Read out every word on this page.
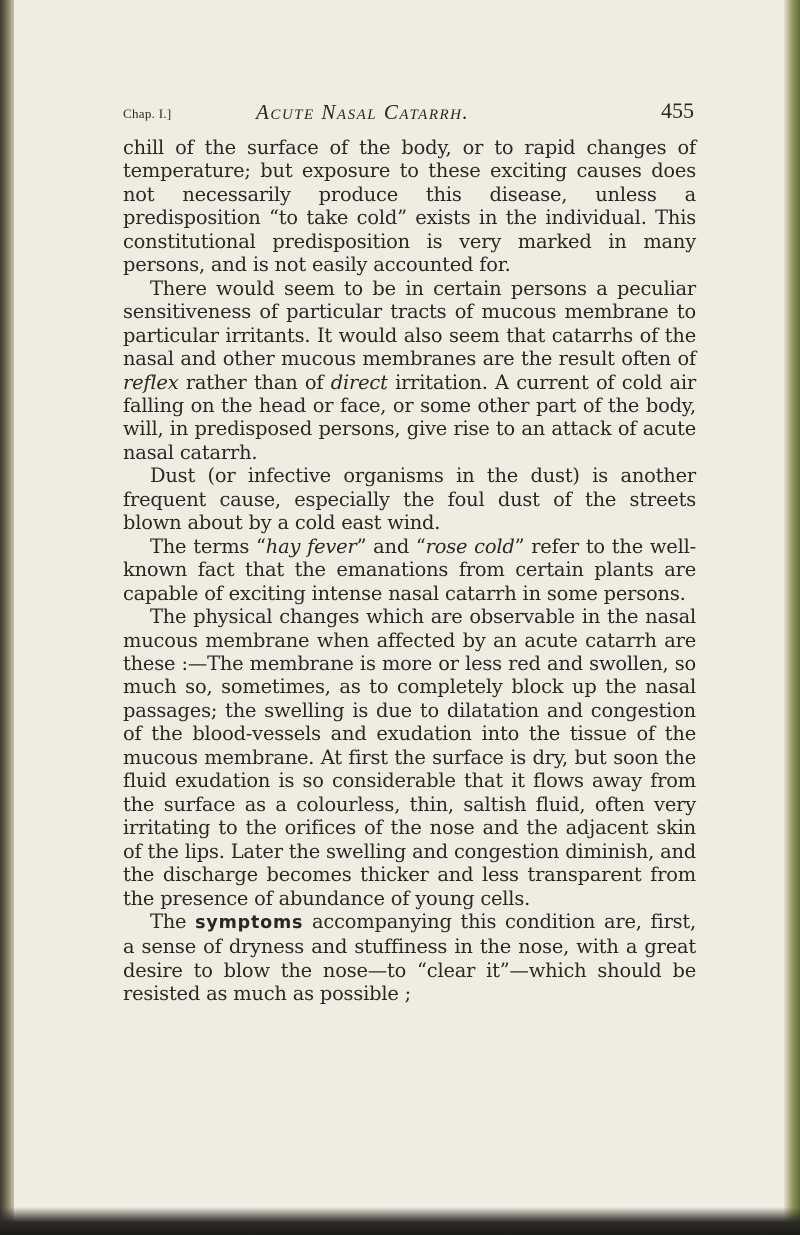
Chap. I.]	Acute Nasal Catarrh.	455

chill of the surface of the body, or to rapid changes of temperature; but exposure to these exciting causes does not necessarily produce this disease, unless a predisposition “to take cold” exists in the individual. This constitutional predisposition is very marked in many persons, and is not easily accounted for.

There would seem to be in certain persons a peculiar sensitiveness of particular tracts of mucous membrane to particular irritants. It would also seem that catarrhs of the nasal and other mucous membranes are the result often of reflex rather than of direct irritation. A current of cold air falling on the head or face, or some other part of the body, will, in predisposed persons, give rise to an attack of acute nasal catarrh.

Dust (or infective organisms in the dust) is another frequent cause, especially the foul dust of the streets blown about by a cold east wind.

The terms “hay fever” and “rose cold” refer to the well-known fact that the emanations from certain plants are capable of exciting intense nasal catarrh in some persons.

The physical changes which are observable in the nasal mucous membrane when affected by an acute catarrh are these :—The membrane is more or less red and swollen, so much so, sometimes, as to completely block up the nasal passages; the swelling is due to dilatation and congestion of the blood-vessels and exudation into the tissue of the mucous membrane. At first the surface is dry, but soon the fluid exudation is so considerable that it flows away from the surface as a colourless, thin, saltish fluid, often very irritating to the orifices of the nose and the adjacent skin of the lips. Later the swelling and congestion diminish, and the discharge becomes thicker and less transparent from the presence of abundance of young cells.

The symptoms accompanying this condition are, first, a sense of dryness and stuffiness in the nose, with a great desire to blow the nose—to “clear it”—which should be resisted as much as possible ;
